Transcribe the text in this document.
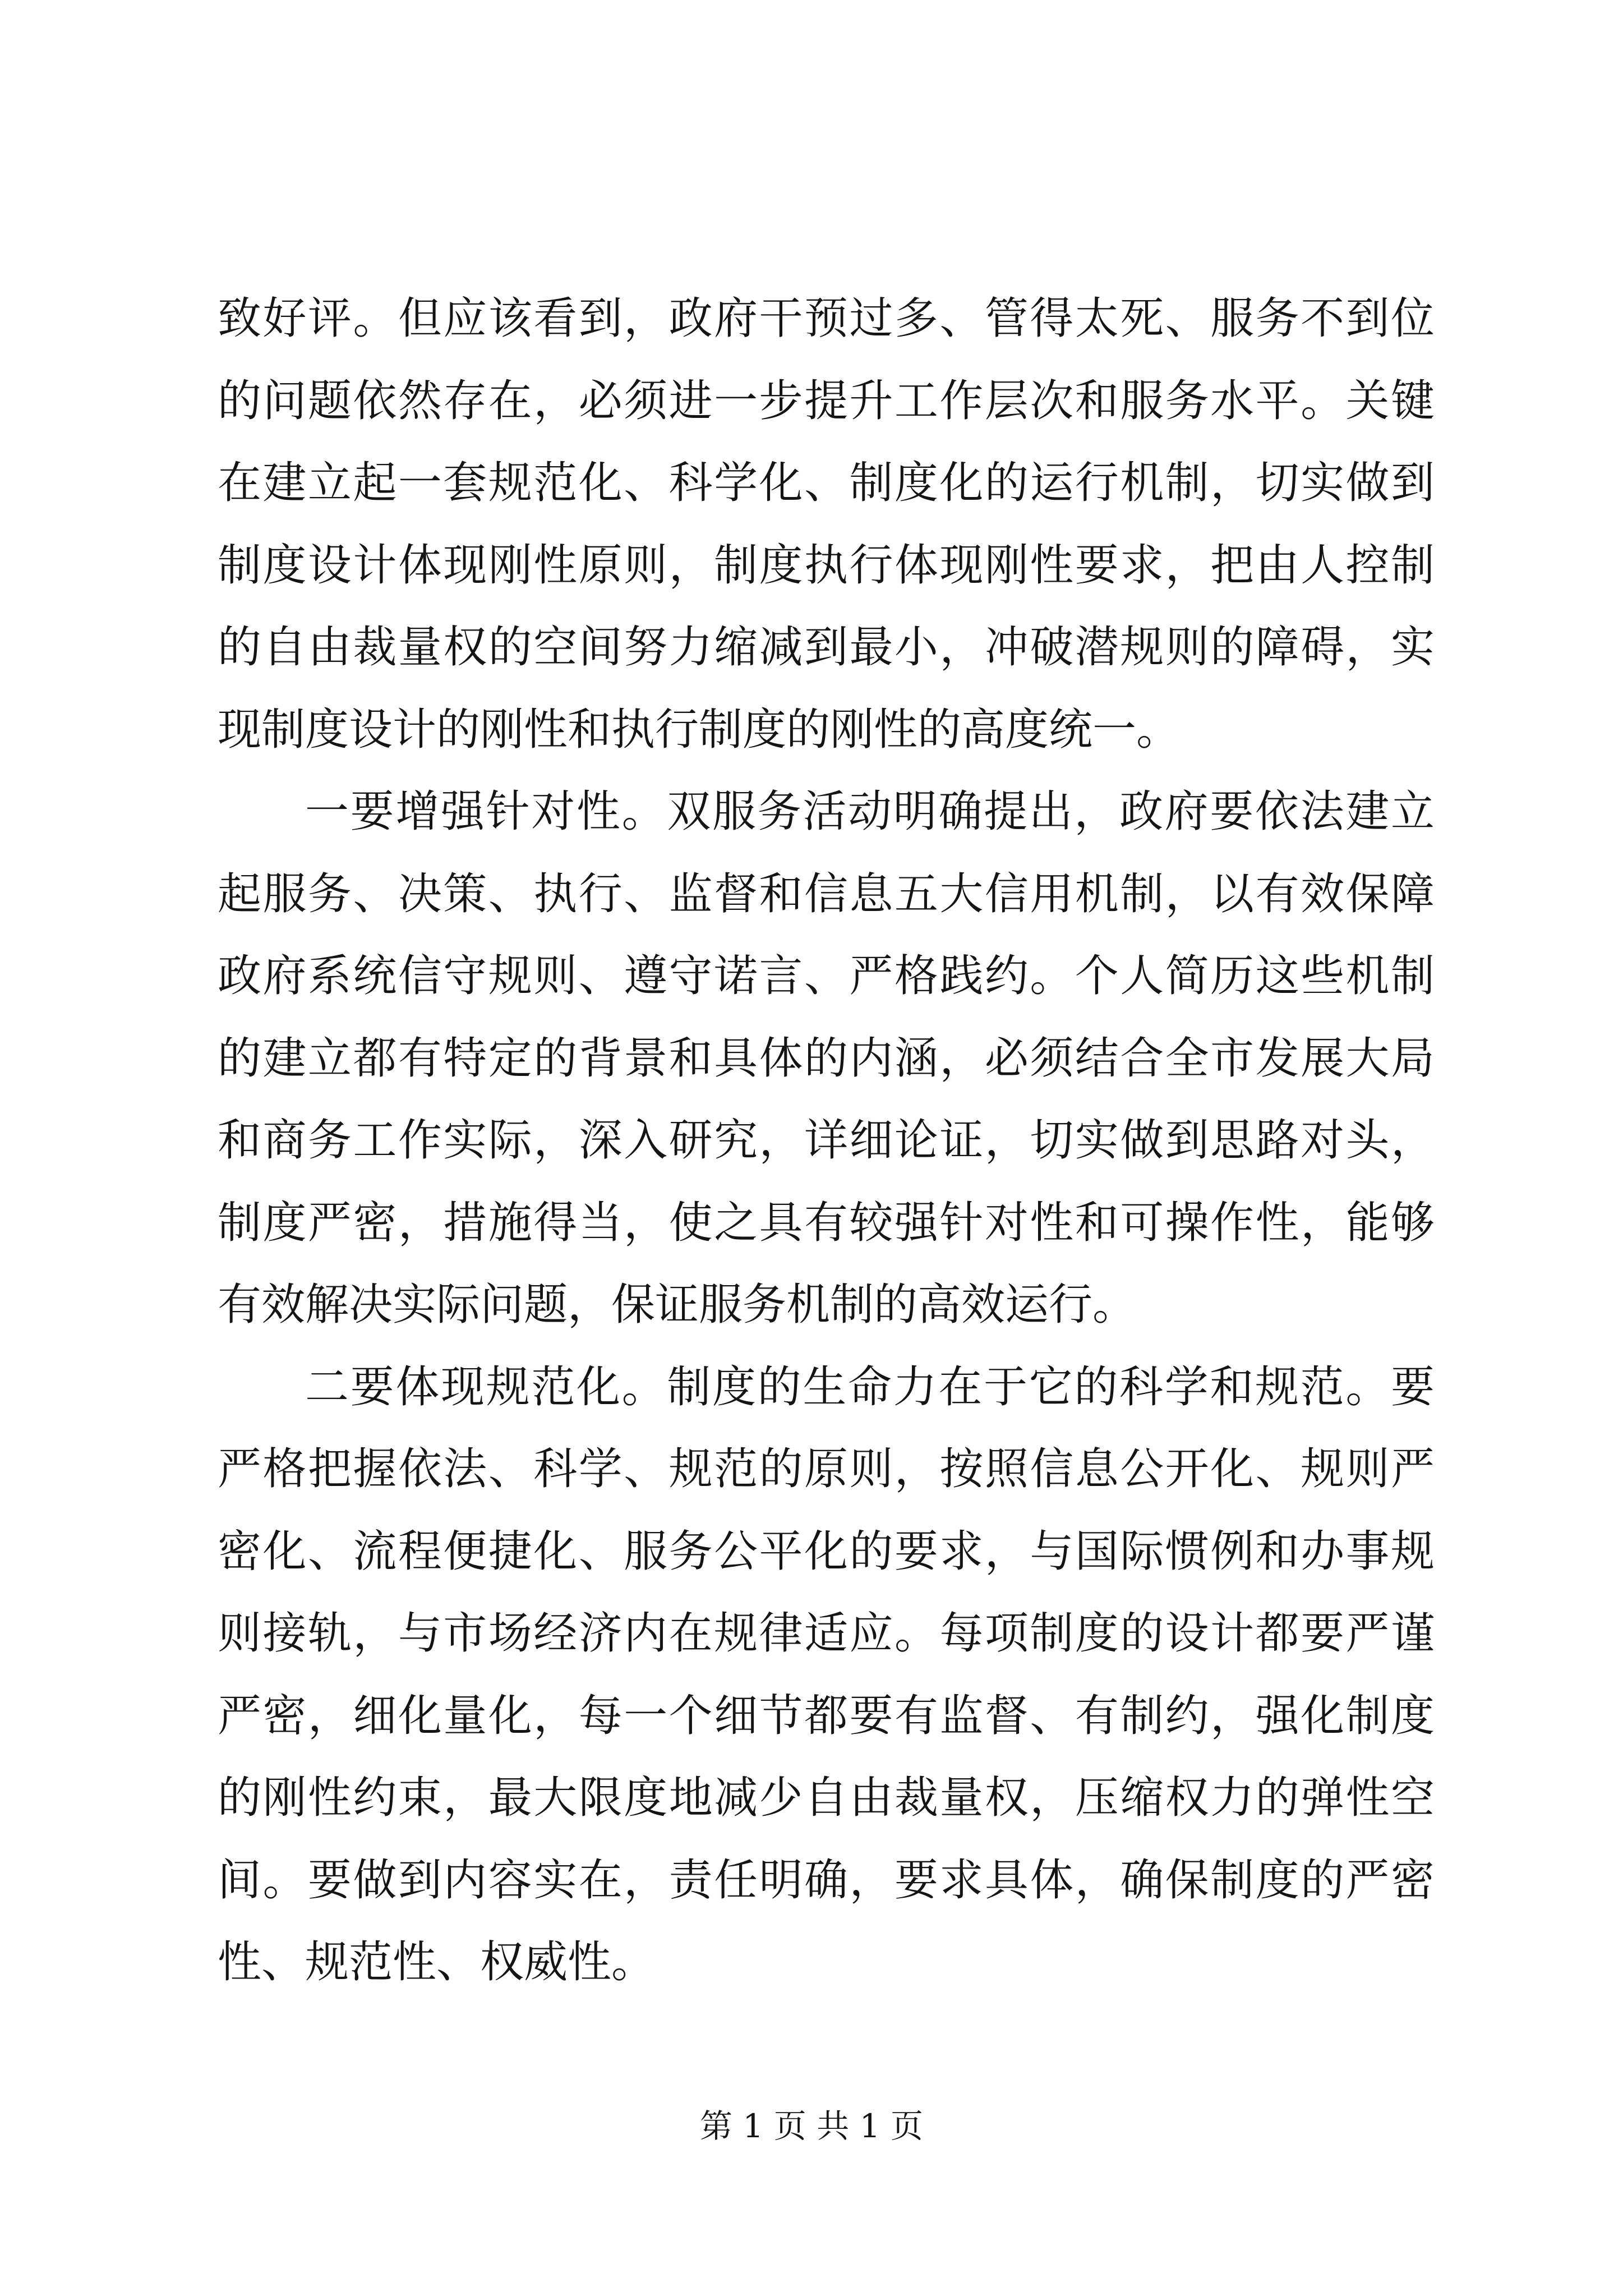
致好评。但应该看到，政府干预过多、管得太死、服务不到位的问题依然存在，必须进一步提升工作层次和服务水平。关键在建立起一套规范化、科学化、制度化的运行机制，切实做到制度设计体现刚性原则，制度执行体现刚性要求，把由人控制的自由裁量权的空间努力缩减到最小，冲破潜规则的障碍，实现制度设计的刚性和执行制度的刚性的高度统一。

一要增强针对性。双服务活动明确提出，政府要依法建立起服务、决策、执行、监督和信息五大信用机制，以有效保障政府系统信守规则、遵守诺言、严格践约。个人简历这些机制的建立都有特定的背景和具体的内涵，必须结合全市发展大局和商务工作实际，深入研究，详细论证，切实做到思路对头，制度严密，措施得当，使之具有较强针对性和可操作性，能够有效解决实际问题，保证服务机制的高效运行。

二要体现规范化。制度的生命力在于它的科学和规范。要严格把握依法、科学、规范的原则，按照信息公开化、规则严密化、流程便捷化、服务公平化的要求，与国际惯例和办事规则接轨，与市场经济内在规律适应。每项制度的设计都要严谨严密，细化量化，每一个细节都要有监督、有制约，强化制度的刚性约束，最大限度地减少自由裁量权，压缩权力的弹性空间。要做到内容实在，责任明确，要求具体，确保制度的严密性、规范性、权威性。

第 1 页 共 1 页
